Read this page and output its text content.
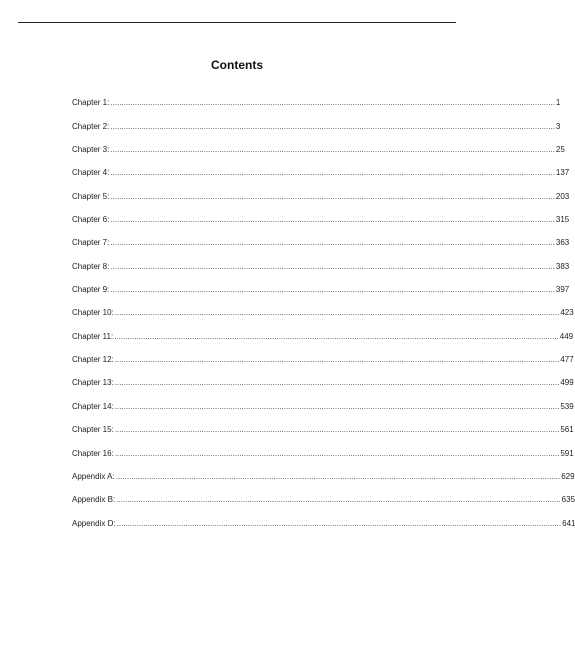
Contents
Chapter 1: ........................................................................................................................................................................................................ 1
Chapter 2: ........................................................................................................................................................................................................ 3
Chapter 3: ........................................................................................................................................................................................................ 25
Chapter 4: ........................................................................................................................................................................................................ 137
Chapter 5: ........................................................................................................................................................................................................ 203
Chapter 6: ........................................................................................................................................................................................................ 315
Chapter 7: ........................................................................................................................................................................................................ 363
Chapter 8: ........................................................................................................................................................................................................ 383
Chapter 9: ........................................................................................................................................................................................................ 397
Chapter 10: ........................................................................................................................................................................................................ 423
Chapter 11: ........................................................................................................................................................................................................ 449
Chapter 12: ........................................................................................................................................................................................................ 477
Chapter 13: ........................................................................................................................................................................................................ 499
Chapter 14: ........................................................................................................................................................................................................ 539
Chapter 15: ........................................................................................................................................................................................................ 561
Chapter 16: ........................................................................................................................................................................................................ 591
Appendix A: ........................................................................................................................................................................................................ 629
Appendix B: ........................................................................................................................................................................................................ 635
Appendix D: ........................................................................................................................................................................................................ 641
